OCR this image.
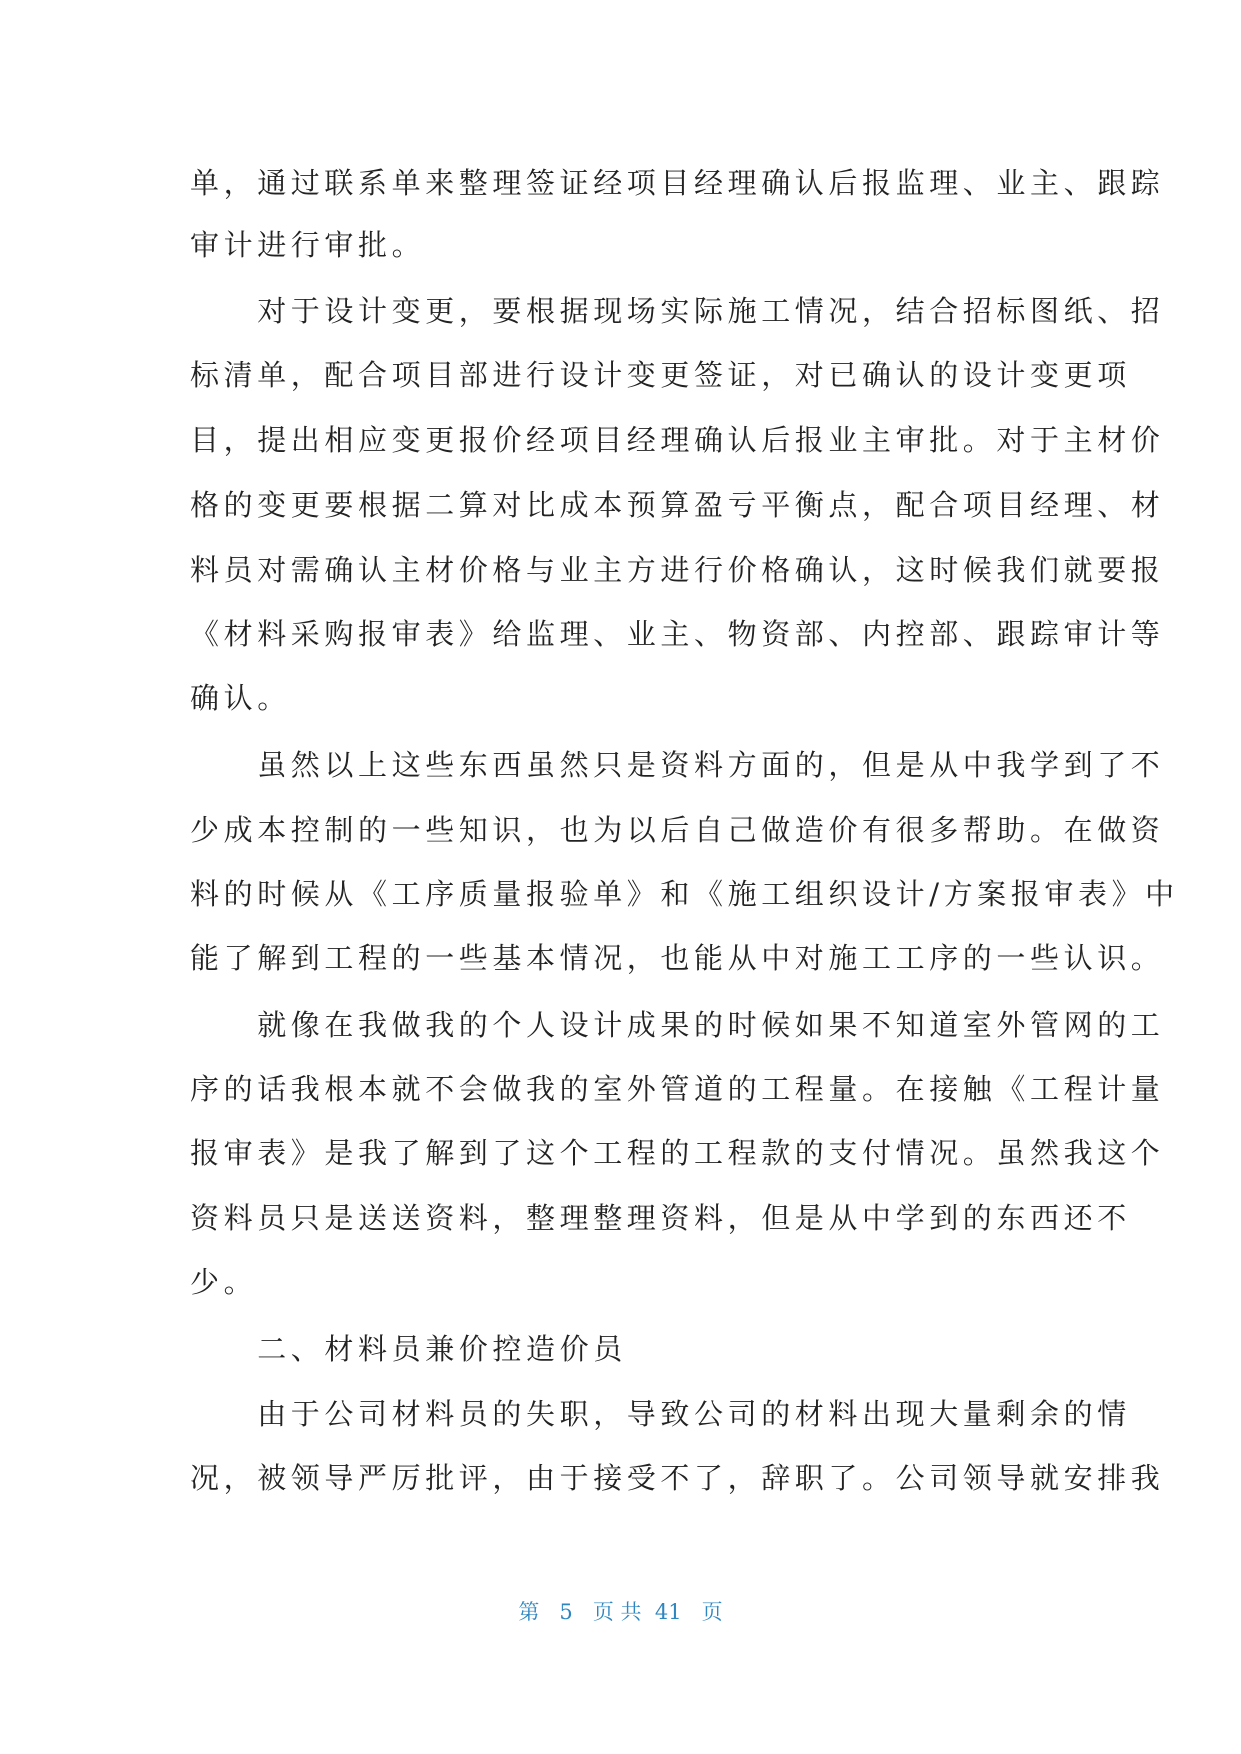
单，通过联系单来整理签证经项目经理确认后报监理、业主、跟踪
审计进行审批。
　　对于设计变更，要根据现场实际施工情况，结合招标图纸、招
标清单，配合项目部进行设计变更签证，对已确认的设计变更项
目，提出相应变更报价经项目经理确认后报业主审批。对于主材价
格的变更要根据二算对比成本预算盈亏平衡点，配合项目经理、材
料员对需确认主材价格与业主方进行价格确认，这时候我们就要报
《材料采购报审表》给监理、业主、物资部、内控部、跟踪审计等
确认。
　　虽然以上这些东西虽然只是资料方面的，但是从中我学到了不
少成本控制的一些知识，也为以后自己做造价有很多帮助。在做资
料的时候从《工序质量报验单》和《施工组织设计/方案报审表》中
能了解到工程的一些基本情况，也能从中对施工工序的一些认识。
　　就像在我做我的个人设计成果的时候如果不知道室外管网的工
序的话我根本就不会做我的室外管道的工程量。在接触《工程计量
报审表》是我了解到了这个工程的工程款的支付情况。虽然我这个
资料员只是送送资料，整理整理资料，但是从中学到的东西还不
少。
　　二、材料员兼价控造价员
　　由于公司材料员的失职，导致公司的材料出现大量剩余的情
况，被领导严厉批评，由于接受不了，辞职了。公司领导就安排我
第 5 页 共 41 页
